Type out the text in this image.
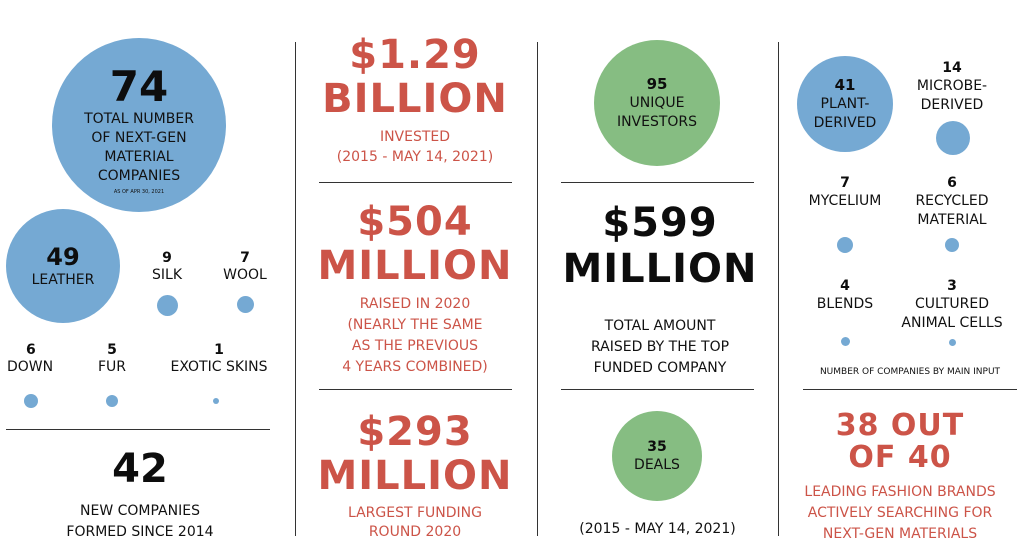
74
TOTAL NUMBER
OF NEXT-GEN
MATERIAL
COMPANIES
AS OF APR 30, 2021
49
LEATHER
9
SILK
7
WOOL
6
DOWN
5
FUR
1
EXOTIC SKINS
42
NEW COMPANIES
FORMED SINCE 2014
$1.29
BILLION
INVESTED
(2015 - MAY 14, 2021)
$504
MILLION
RAISED IN 2020
(NEARLY THE SAME
AS THE PREVIOUS
4 YEARS COMBINED)
$293
MILLION
LARGEST FUNDING
ROUND 2020
95
UNIQUE
INVESTORS
$599
MILLION
TOTAL AMOUNT
RAISED BY THE TOP
FUNDED COMPANY
35
DEALS
(2015 - MAY 14, 2021)
41
PLANT-
DERIVED
14
MICROBE-
DERIVED
7
MYCELIUM
6
RECYCLED
MATERIAL
4
BLENDS
3
CULTURED
ANIMAL CELLS
NUMBER OF COMPANIES BY MAIN INPUT
38 OUT
OF 40
LEADING FASHION BRANDS
ACTIVELY SEARCHING FOR
NEXT-GEN MATERIALS
